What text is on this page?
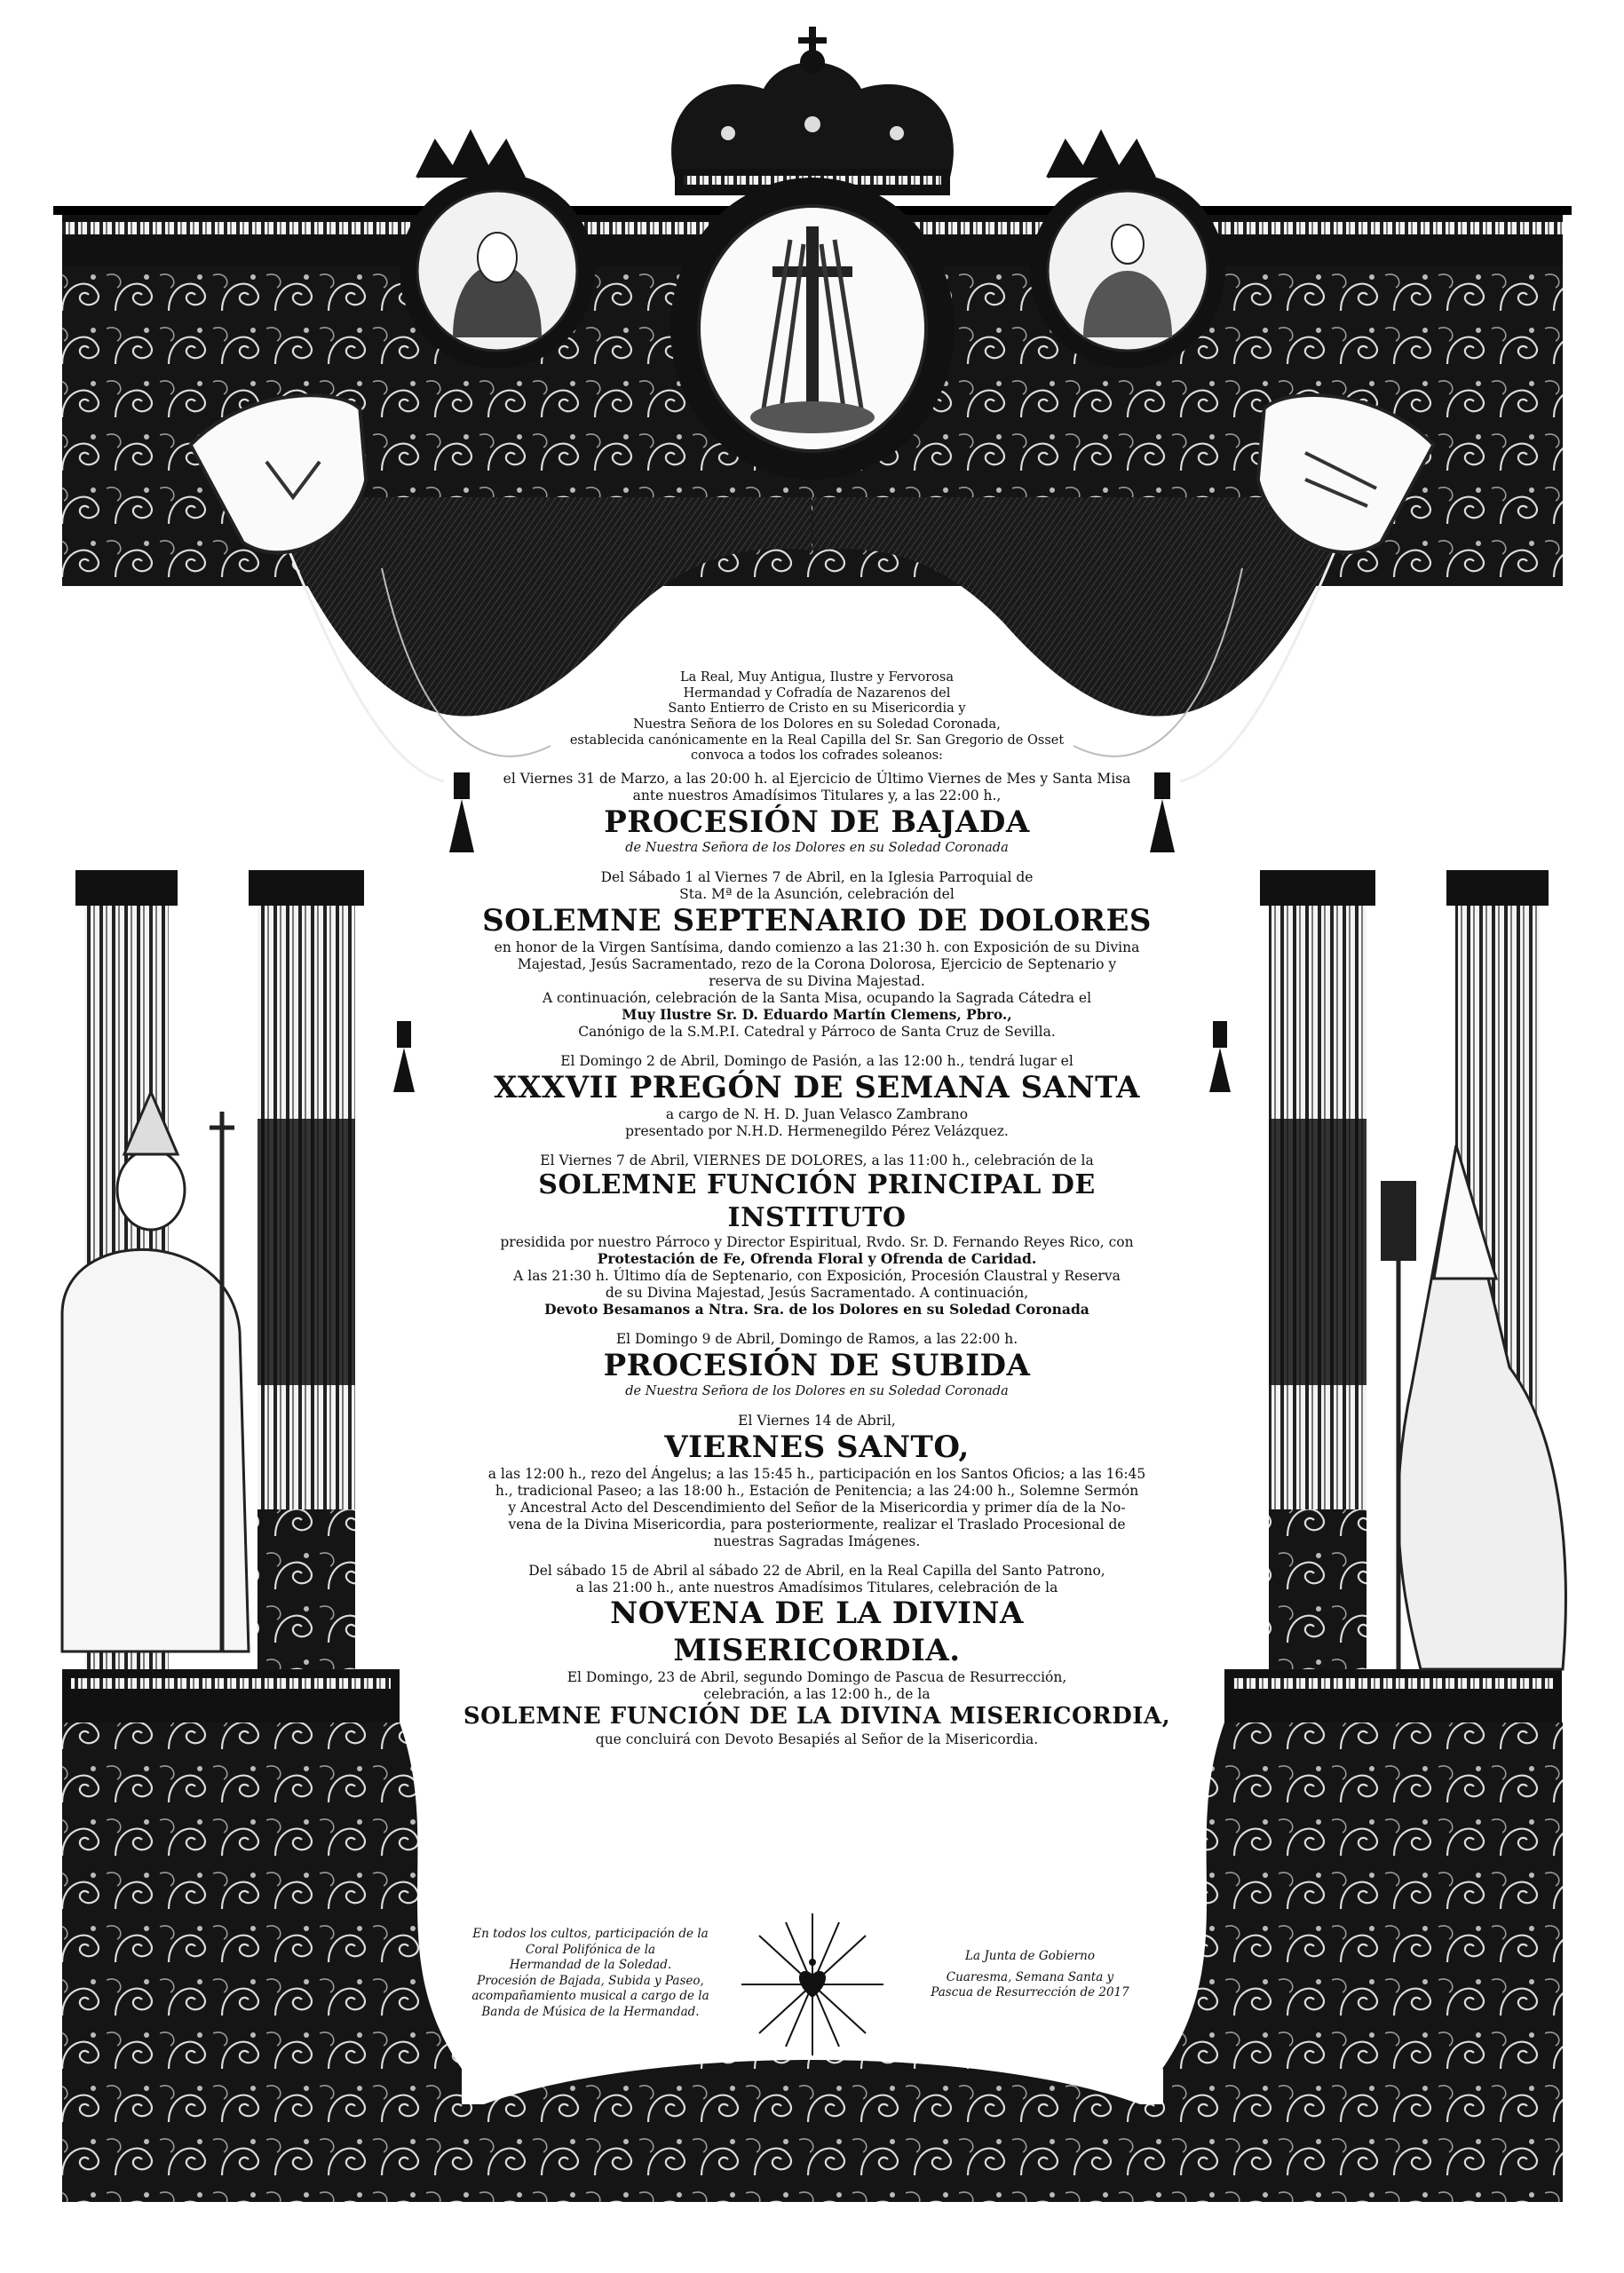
La Real, Muy Antigua, Ilustre y Fervorosa

Hermandad y Cofradía de Nazarenos del

Santo Entierro de Cristo en su Misericordia y

Nuestra Señora de los Dolores en su Soledad Coronada,

establecida canónicamente en la Real Capilla del Sr. San Gregorio de Osset

convoca a todos los cofrades soleanos:

el Viernes 31 de Marzo, a las 20:00 h. al Ejercicio de Último Viernes de Mes y Santa Misa

ante nuestros Amadísimos Titulares y, a las 22:00 h.,

PROCESIÓN DE BAJADA

de Nuestra Señora de los Dolores en su Soledad Coronada

Del Sábado 1 al Viernes 7 de Abril, en la Iglesia Parroquial de

Sta. Mª de la Asunción, celebración del

SOLEMNE SEPTENARIO DE DOLORES

en honor de la Virgen Santísima, dando comienzo a las 21:30 h. con Exposición de su Divina

Majestad, Jesús Sacramentado, rezo de la Corona Dolorosa, Ejercicio de Septenario y

reserva de su Divina Majestad.

A continuación, celebración de la Santa Misa, ocupando la Sagrada Cátedra el

Muy Ilustre Sr. D. Eduardo Martín Clemens, Pbro.,

Canónigo de la S.M.P.I. Catedral y Párroco de Santa Cruz de Sevilla.

El Domingo 2 de Abril, Domingo de Pasión, a las 12:00 h., tendrá lugar el

XXXVII PREGÓN DE SEMANA SANTA

a cargo de N. H. D. Juan Velasco Zambrano

presentado por N.H.D. Hermenegildo Pérez Velázquez.

El Viernes 7 de Abril, VIERNES DE DOLORES, a las 11:00 h., celebración de la

SOLEMNE FUNCIÓN PRINCIPAL DE INSTITUTO

presidida por nuestro Párroco y Director Espiritual, Rvdo. Sr. D. Fernando Reyes Rico, con

Protestación de Fe, Ofrenda Floral y Ofrenda de Caridad.

A las 21:30 h. Último día de Septenario, con Exposición, Procesión Claustral y Reserva

de su Divina Majestad, Jesús Sacramentado. A continuación,

Devoto Besamanos a Ntra. Sra. de los Dolores en su Soledad Coronada

El Domingo 9 de Abril, Domingo de Ramos, a las 22:00 h.

PROCESIÓN DE SUBIDA

de Nuestra Señora de los Dolores en su Soledad Coronada

El Viernes 14 de Abril,

VIERNES SANTO,

a las 12:00 h., rezo del Ángelus; a las 15:45 h., participación en los Santos Oficios; a las 16:45

h., tradicional Paseo; a las 18:00 h., Estación de Penitencia; a las 24:00 h., Solemne Sermón

y Ancestral Acto del Descendimiento del Señor de la Misericordia y primer día de la No-

vena de la Divina Misericordia, para posteriormente, realizar el Traslado Procesional de

nuestras Sagradas Imágenes.

Del sábado 15 de Abril al sábado 22 de Abril, en la Real Capilla del Santo Patrono,

a las 21:00 h., ante nuestros Amadísimos Titulares, celebración de la

NOVENA DE LA DIVINA MISERICORDIA.

El Domingo, 23 de Abril, segundo Domingo de Pascua de Resurrección,

celebración, a las 12:00 h., de la

SOLEMNE FUNCIÓN DE LA DIVINA MISERICORDIA,

que concluirá con Devoto Besapiés al Señor de la Misericordia.

En todos los cultos, participación de la

Coral Polifónica de la

Hermandad de la Soledad.

Procesión de Bajada, Subida y Paseo,

acompañamiento musical a cargo de la

Banda de Música de la Hermandad.

La Junta de Gobierno

Cuaresma, Semana Santa y

Pascua de Resurrección de 2017
